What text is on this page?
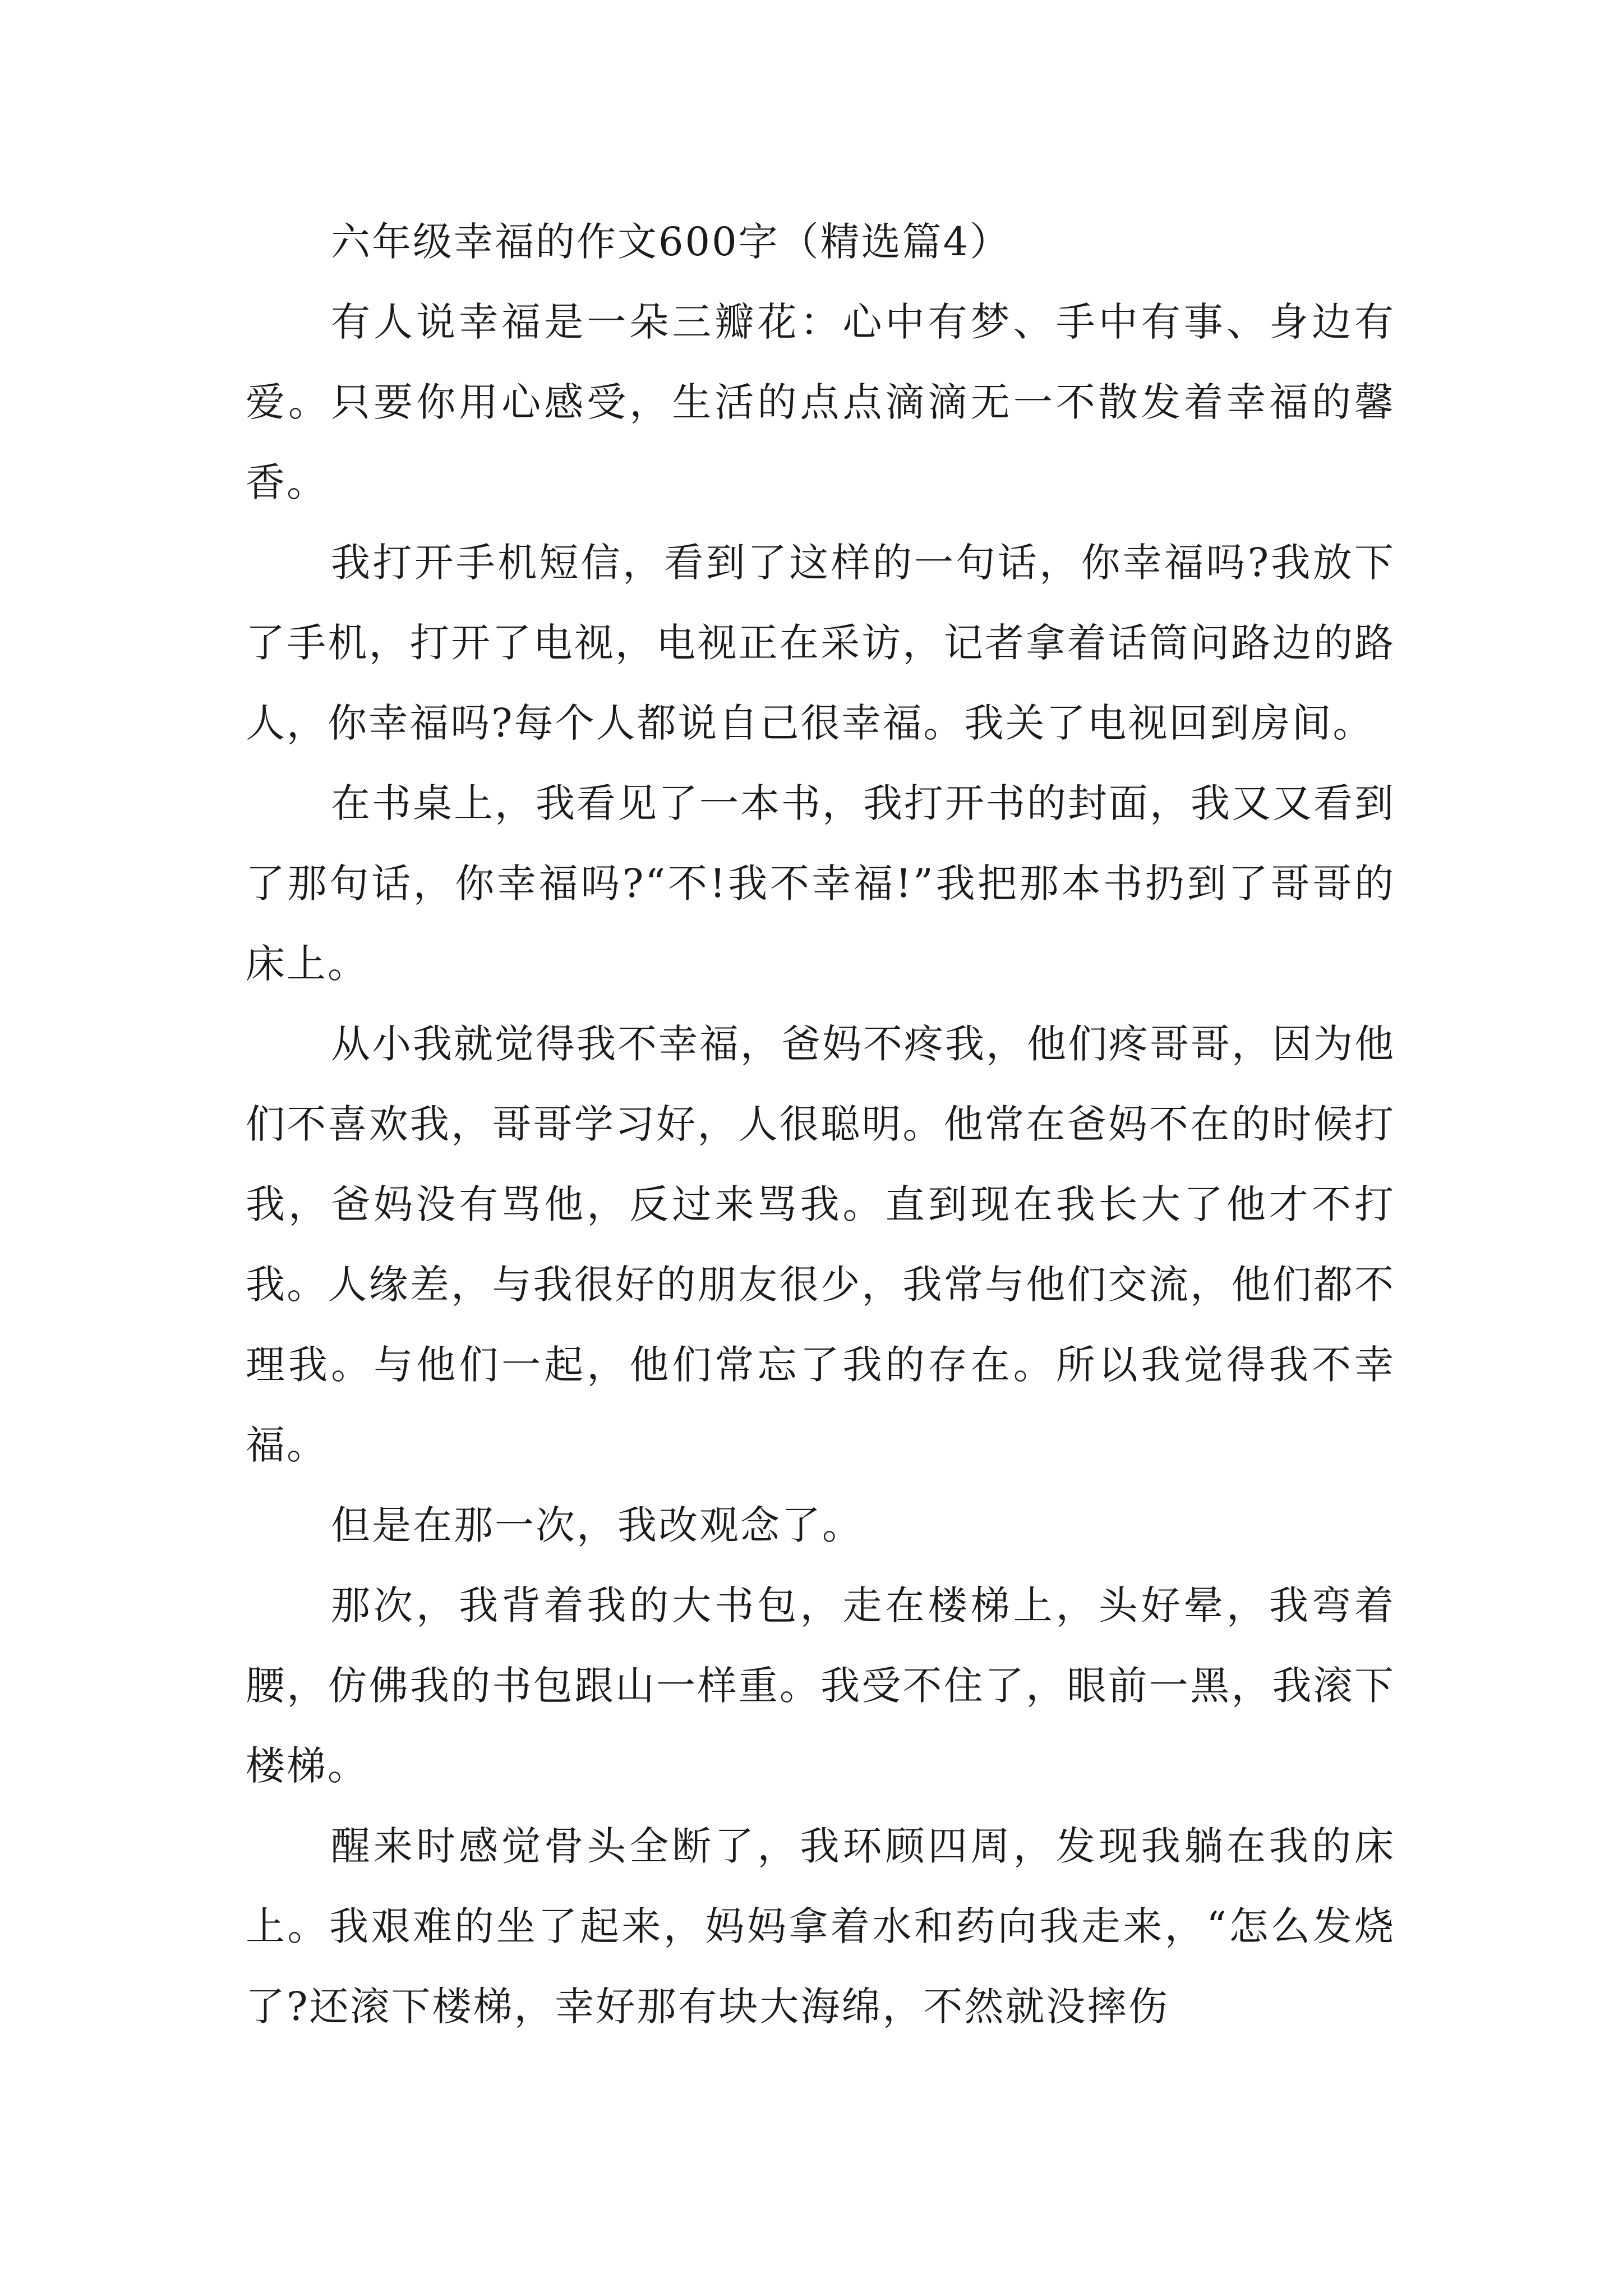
六年级幸福的作文600字（精选篇4）

有人说幸福是一朵三瓣花：心中有梦、手中有事、身边有爱。只要你用心感受，生活的点点滴滴无一不散发着幸福的馨香。

我打开手机短信，看到了这样的一句话，你幸福吗?我放下了手机，打开了电视，电视正在采访，记者拿着话筒问路边的路人，你幸福吗?每个人都说自己很幸福。我关了电视回到房间。

在书桌上，我看见了一本书，我打开书的封面，我又又看到了那句话，你幸福吗?“不!我不幸福!”我把那本书扔到了哥哥的床上。

从小我就觉得我不幸福，爸妈不疼我，他们疼哥哥，因为他们不喜欢我，哥哥学习好，人很聪明。他常在爸妈不在的时候打我，爸妈没有骂他，反过来骂我。直到现在我长大了他才不打我。人缘差，与我很好的朋友很少，我常与他们交流，他们都不理我。与他们一起，他们常忘了我的存在。所以我觉得我不幸福。

但是在那一次，我改观念了。

那次，我背着我的大书包，走在楼梯上，头好晕，我弯着腰，仿佛我的书包跟山一样重。我受不住了，眼前一黑，我滚下楼梯。

醒来时感觉骨头全断了，我环顾四周，发现我躺在我的床上。我艰难的坐了起来，妈妈拿着水和药向我走来，“怎么发烧了?还滚下楼梯，幸好那有块大海绵，不然就没摔伤
